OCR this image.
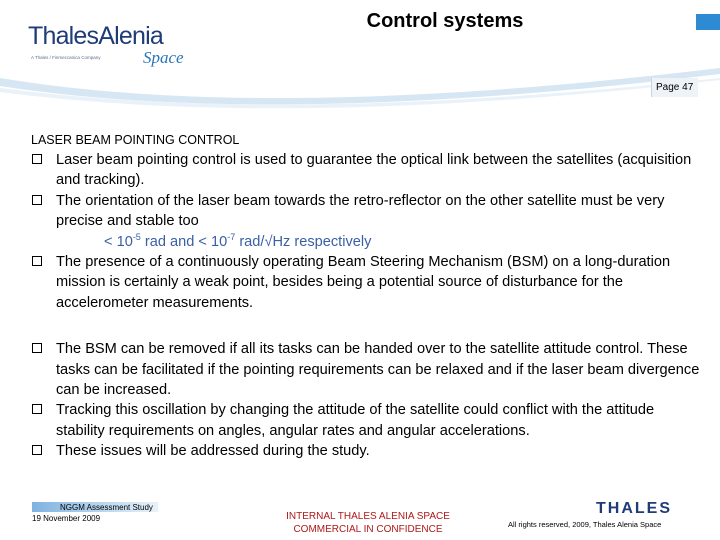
ThalesAlenia
A Thales / Finmeccanica Company	Space
Control systems
Page 47
LASER BEAM POINTING CONTROL
Laser beam pointing control is used to guarantee the optical link between the satellites (acquisition and tracking).
The orientation of the laser beam towards the retro-reflector on the other satellite must be very precise and stable too
< $10^{-5}$ rad and < $10^{-7}$ rad/√Hz respectively
The presence of a continuously operating Beam Steering Mechanism (BSM) on a long-duration mission is certainly a weak point, besides being a potential source of disturbance for the accelerometer measurements.
The BSM can be removed if all its tasks can be handed over to the satellite attitude control. These tasks can be facilitated if the pointing requirements can be relaxed and if the laser beam divergence can be increased.
Tracking this oscillation by changing the attitude of the satellite could conflict with the attitude stability requirements on angles, angular rates and angular accelerations.
These issues will be addressed during the study.
NGGM Assessment Study
19 November 2009	INTERNAL THALES ALENIA SPACE
COMMERCIAL IN CONFIDENCE
THALES
All rights reserved, 2009, Thales Alenia Space
